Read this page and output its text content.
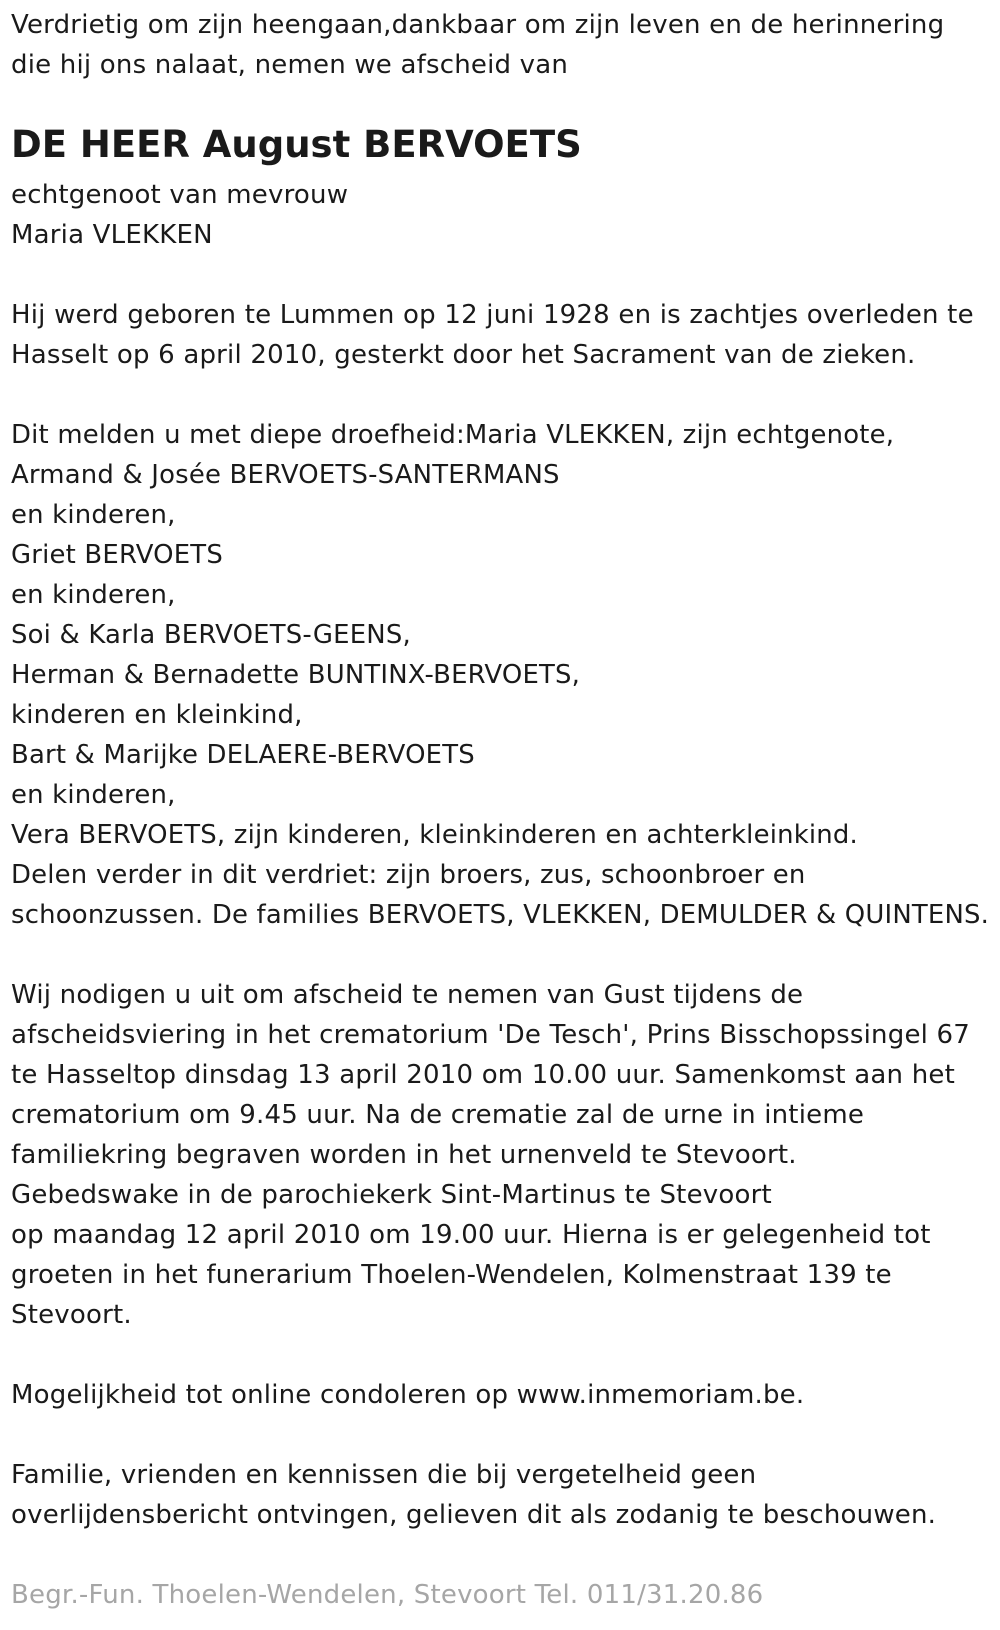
Verdrietig om zijn heengaan,dankbaar om zijn leven en de herinnering
die hij ons nalaat, nemen we afscheid van
DE HEER August BERVOETS
echtgenoot van mevrouw
Maria VLEKKEN
Hij werd geboren te Lummen op 12 juni 1928 en is zachtjes overleden te
Hasselt op 6 april 2010, gesterkt door het Sacrament van de zieken.
Dit melden u met diepe droefheid:Maria VLEKKEN, zijn echtgenote,
Armand & Josée BERVOETS-SANTERMANS
en kinderen,
Griet BERVOETS
en kinderen,
Soi & Karla BERVOETS-GEENS,
Herman & Bernadette BUNTINX-BERVOETS,
kinderen en kleinkind,
Bart & Marijke DELAERE-BERVOETS
en kinderen,
Vera BERVOETS, zijn kinderen, kleinkinderen en achterkleinkind.
Delen verder in dit verdriet: zijn broers, zus, schoonbroer en
schoonzussen. De families BERVOETS, VLEKKEN, DEMULDER & QUINTENS.
Wij nodigen u uit om afscheid te nemen van Gust tijdens de
afscheidsviering in het crematorium 'De Tesch', Prins Bisschopssingel 67
te Hasseltop dinsdag 13 april 2010 om 10.00 uur. Samenkomst aan het
crematorium om 9.45 uur. Na de crematie zal de urne in intieme
familiekring begraven worden in het urnenveld te Stevoort.
Gebedswake in de parochiekerk Sint-Martinus te Stevoort
op maandag 12 april 2010 om 19.00 uur. Hierna is er gelegenheid tot
groeten in het funerarium Thoelen-Wendelen, Kolmenstraat 139 te
Stevoort.
Mogelijkheid tot online condoleren op www.inmemoriam.be.
Familie, vrienden en kennissen die bij vergetelheid geen
overlijdensbericht ontvingen, gelieven dit als zodanig te beschouwen.
Begr.-Fun. Thoelen-Wendelen, Stevoort Tel. 011/31.20.86
